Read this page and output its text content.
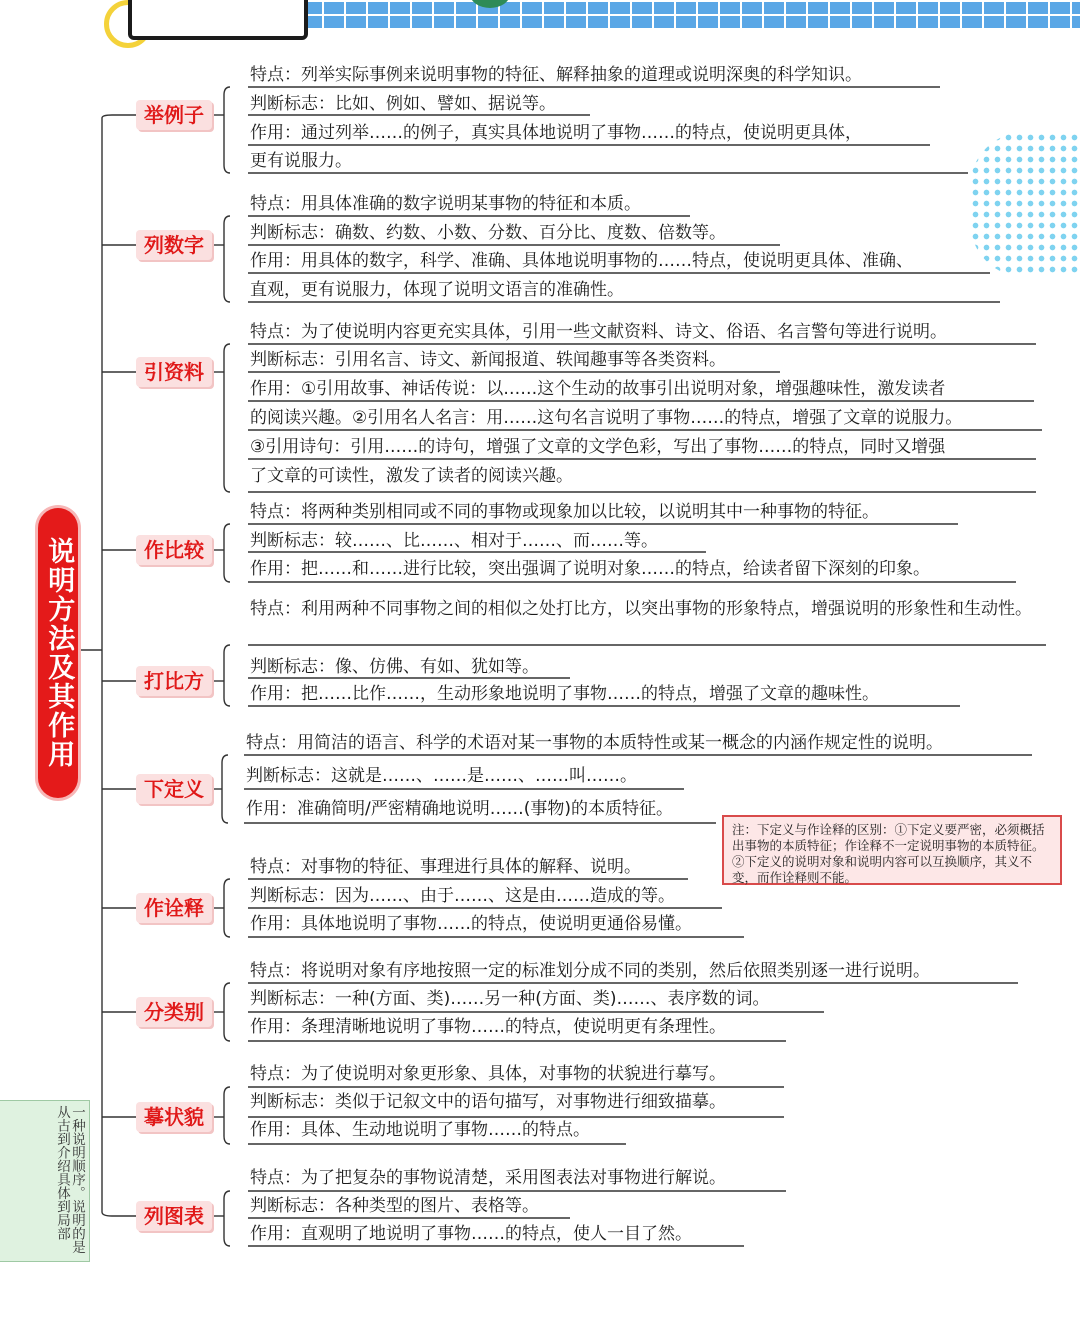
说明方法及其作用
举例子
特点：列举实际事例来说明事物的特征、解释抽象的道理或说明深奥的科学知识。
判断标志：比如、例如、譬如、据说等。
作用：通过列举……的例子，真实具体地说明了事物……的特点，使说明更具体，
更有说服力。
列数字
特点：用具体准确的数字说明某事物的特征和本质。
判断标志：确数、约数、小数、分数、百分比、度数、倍数等。
作用：用具体的数字，科学、准确、具体地说明事物的……特点，使说明更具体、准确、
直观，更有说服力，体现了说明文语言的准确性。
引资料
特点：为了使说明内容更充实具体，引用一些文献资料、诗文、俗语、名言警句等进行说明。
判断标志：引用名言、诗文、新闻报道、轶闻趣事等各类资料。
作用：①引用故事、神话传说：以……这个生动的故事引出说明对象，增强趣味性，激发读者
的阅读兴趣。②引用名人名言：用……这句名言说明了事物……的特点，增强了文章的说服力。
③引用诗句：引用……的诗句，增强了文章的文学色彩，写出了事物……的特点，同时又增强
了文章的可读性，激发了读者的阅读兴趣。
作比较
特点：将两种类别相同或不同的事物或现象加以比较，以说明其中一种事物的特征。
判断标志：较……、比……、相对于……、而……等。
作用：把……和……进行比较，突出强调了说明对象……的特点，给读者留下深刻的印象。
打比方
特点：利用两种不同事物之间的相似之处打比方，以突出事物的形象特点，增强说明的形象性和生动性。
判断标志：像、仿佛、有如、犹如等。
作用：把……比作……，生动形象地说明了事物……的特点，增强了文章的趣味性。
下定义
特点：用简洁的语言、科学的术语对某一事物的本质特性或某一概念的内涵作规定性的说明。
判断标志：这就是……、……是……、……叫……。
作用：准确简明/严密精确地说明……(事物)的本质特征。
注：下定义与作诠释的区别：①下定义要严密，必须概括出事物的本质特征；作诠释不一定说明事物的本质特征。②下定义的说明对象和说明内容可以互换顺序，其义不变，而作诠释则不能。
作诠释
特点：对事物的特征、事理进行具体的解释、说明。
判断标志：因为……、由于……、这是由……造成的等。
作用：具体地说明了事物……的特点，使说明更通俗易懂。
分类别
特点：将说明对象有序地按照一定的标准划分成不同的类别，然后依照类别逐一进行说明。
判断标志：一种(方面、类)……另一种(方面、类)……、表序数的词。
作用：条理清晰地说明了事物……的特点，使说明更有条理性。
摹状貌
特点：为了使说明对象更形象、具体，对事物的状貌进行摹写。
判断标志：类似于记叙文中的语句描写，对事物进行细致描摹。
作用：具体、生动地说明了事物……的特点。
列图表
特点：为了把复杂的事物说清楚，采用图表法对事物进行解说。
判断标志：各种类型的图片、表格等。
作用：直观明了地说明了事物……的特点，使人一目了然。
一种说明顺序。说明的是从古到介绍具体到局部
